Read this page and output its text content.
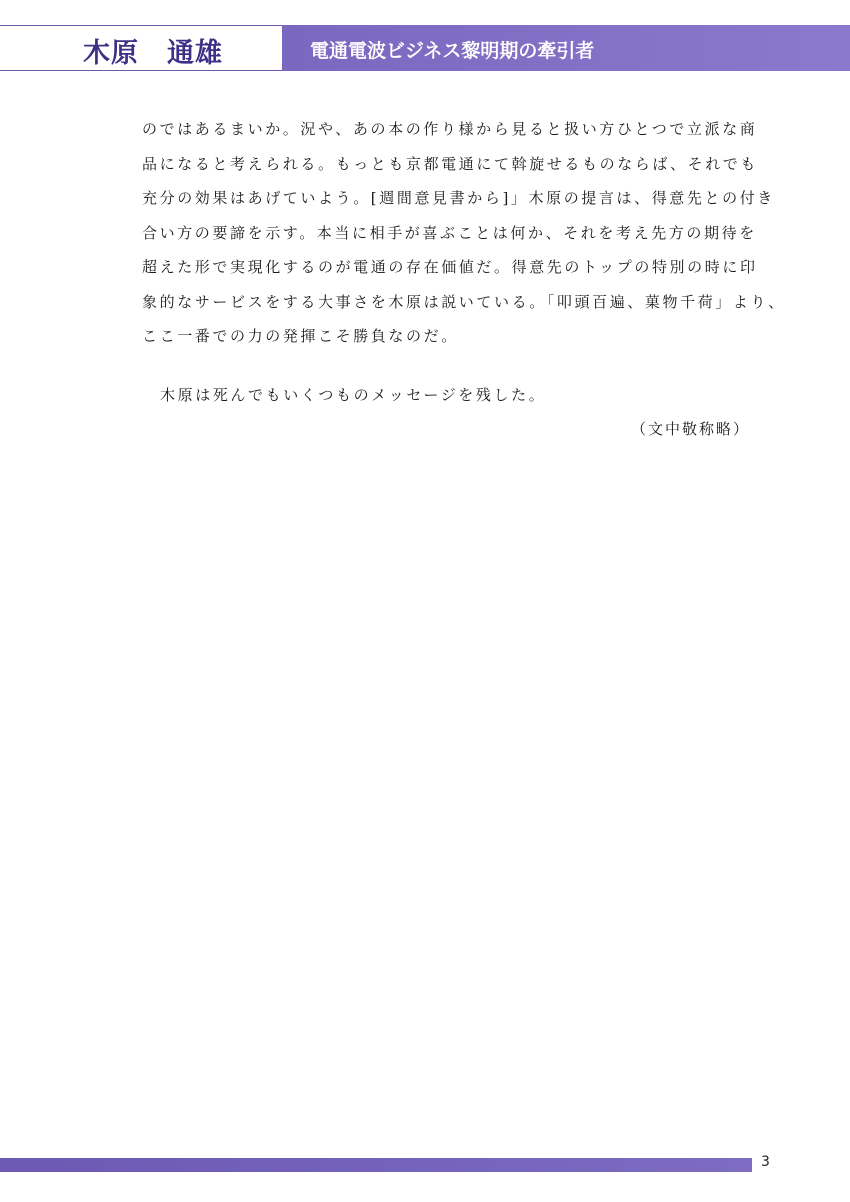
木原　通雄	電通電波ビジネス黎明期の牽引者
のではあるまいか。況や、あの本の作り様から見ると扱い方ひとつで立派な商
品になると考えられる。もっとも京都電通にて斡旋せるものならば、それでも
充分の効果はあげていよう。[週間意見書から]」木原の提言は、得意先との付き
合い方の要諦を示す。本当に相手が喜ぶことは何か、それを考え先方の期待を
超えた形で実現化するのが電通の存在価値だ。得意先のトップの特別の時に印
象的なサービスをする大事さを木原は説いている。「叩頭百遍、菓物千荷」より、
ここ一番での力の発揮こそ勝負なのだ。
木原は死んでもいくつものメッセージを残した。
（文中敬称略）
3
